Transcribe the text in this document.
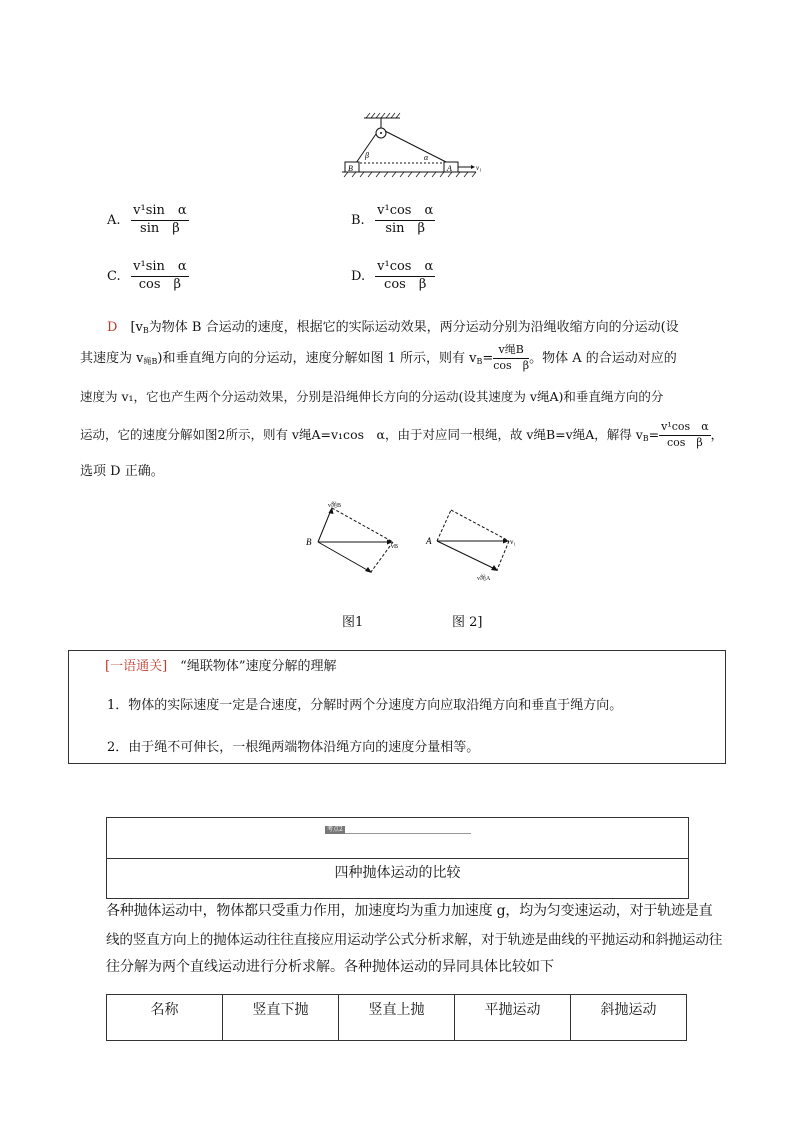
B	A
β	α
v₁
A. $\frac{\text{v¹sin　α}}{\text{sin　β}}$	B. $\frac{\text{v¹cos　α}}{\text{sin　β}}$
C. $\frac{\text{v¹sin　α}}{\text{cos　β}}$	D. $\frac{\text{v¹cos　α}}{\text{cos　β}}$
D　 [$v_B$为物体 B 合运动的速度，根据它的实际运动效果，两分运动分别为沿绳收缩方向的分运动(设
其速度为 $v_{绳B}$)和垂直绳方向的分运动，速度分解如图 1 所示，则有 $v_B= \frac{\text{v绳B}}{\text{cos　β}}$ 。物体 A 的合运动对应的
速度为 v₁，它也产生两个分运动效果，分别是沿绳伸长方向的分运动(设其速度为 v绳A)和垂直绳方向的分
运动，它的速度分解如图2所示，则有 v绳A=v₁cos　α，由于对应同一根绳，故 v绳B=v绳A，解得 $v_B= \frac{\text{v¹cos　α}}{\text{cos　β}}$ ，
选项 D 正确。
B
v绳B
vB
图1
A	v₁
v绳A
图 2]
[一语通关]　 “绳联物体”速度分解的理解
1．物体的实际速度一定是合速度，分解时两个分速度方向应取沿绳方向和垂直于绳方向。
2．由于绳不可伸长，一根绳两端物体沿绳方向的速度分量相等。
考点2
四种抛体运动的比较
各种抛体运动中，物体都只受重力作用，加速度均为重力加速度 g，均为匀变速运动，对于轨迹是直
线的竖直方向上的抛体运动往往直接应用运动学公式分析求解，对于轨迹是曲线的平抛运动和斜抛运动往
往分解为两个直线运动进行分析求解。各种抛体运动的异同具体比较如下
名称	竖直下抛	竖直上抛	平抛运动	斜抛运动
